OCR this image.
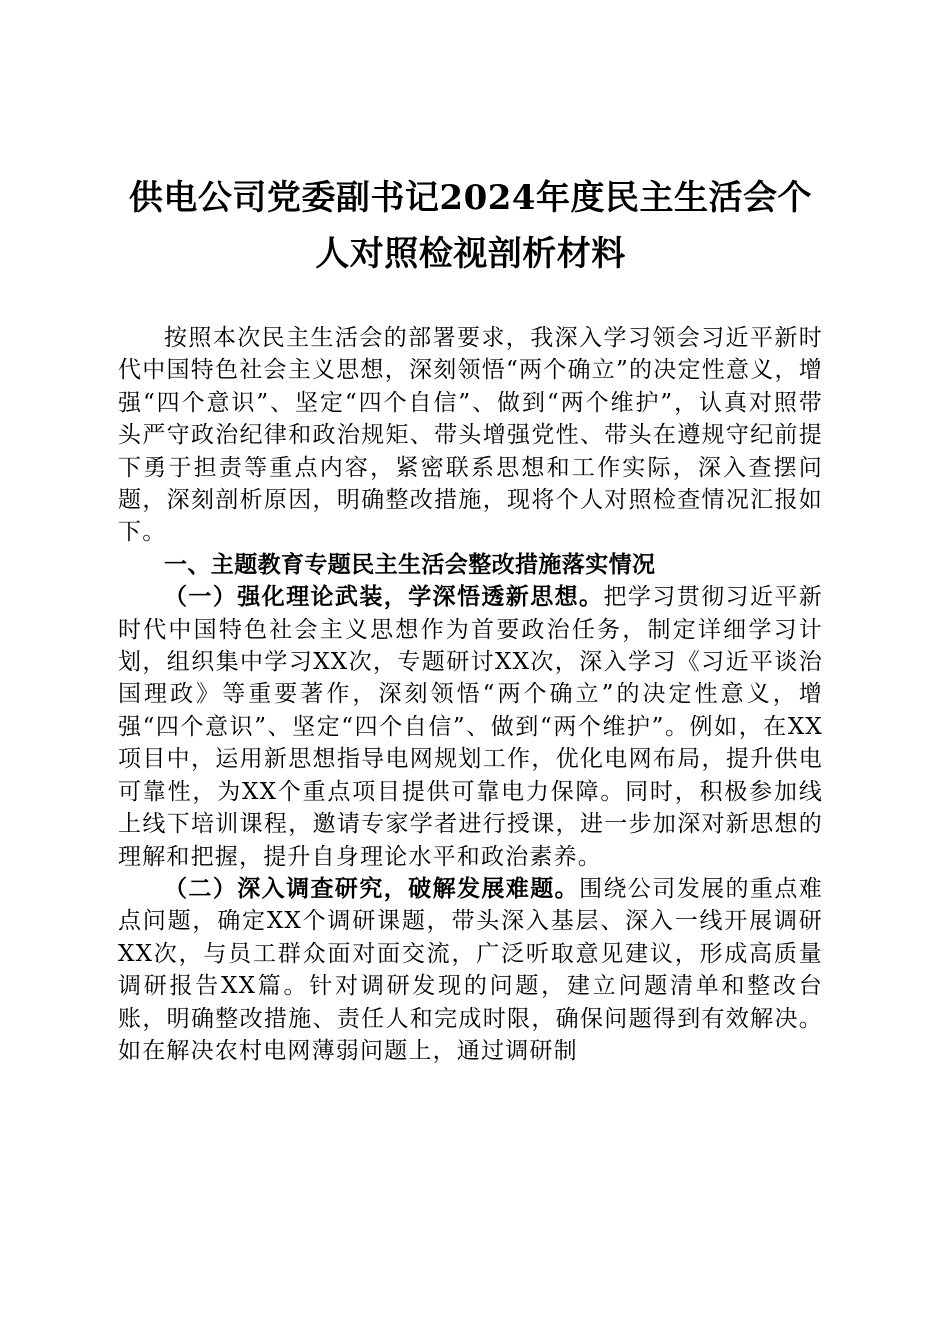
供电公司党委副书记2024年度民主生活会个
人对照检视剖析材料

按照本次民主生活会的部署要求，我深入学习领会习近平新时代中国特色社会主义思想，深刻领悟“两个确立”的决定性意义，增强“四个意识”、坚定“四个自信”、做到“两个维护”，认真对照带头严守政治纪律和政治规矩、带头增强党性、带头在遵规守纪前提下勇于担责等重点内容，紧密联系思想和工作实际，深入查摆问题，深刻剖析原因，明确整改措施，现将个人对照检查情况汇报如下。

一、主题教育专题民主生活会整改措施落实情况

（一）强化理论武装，学深悟透新思想。把学习贯彻习近平新时代中国特色社会主义思想作为首要政治任务，制定详细学习计划，组织集中学习XX次，专题研讨XX次，深入学习《习近平谈治国理政》等重要著作，深刻领悟“两个确立”的决定性意义，增强“四个意识”、坚定“四个自信”、做到“两个维护”。例如，在XX项目中，运用新思想指导电网规划工作，优化电网布局，提升供电可靠性，为XX个重点项目提供可靠电力保障。同时，积极参加线上线下培训课程，邀请专家学者进行授课，进一步加深对新思想的理解和把握，提升自身理论水平和政治素养。

（二）深入调查研究，破解发展难题。围绕公司发展的重点难点问题，确定XX个调研课题，带头深入基层、深入一线开展调研XX次，与员工群众面对面交流，广泛听取意见建议，形成高质量调研报告XX篇。针对调研发现的问题，建立问题清单和整改台账，明确整改措施、责任人和完成时限，确保问题得到有效解决。如在解决农村电网薄弱问题上，通过调研制
